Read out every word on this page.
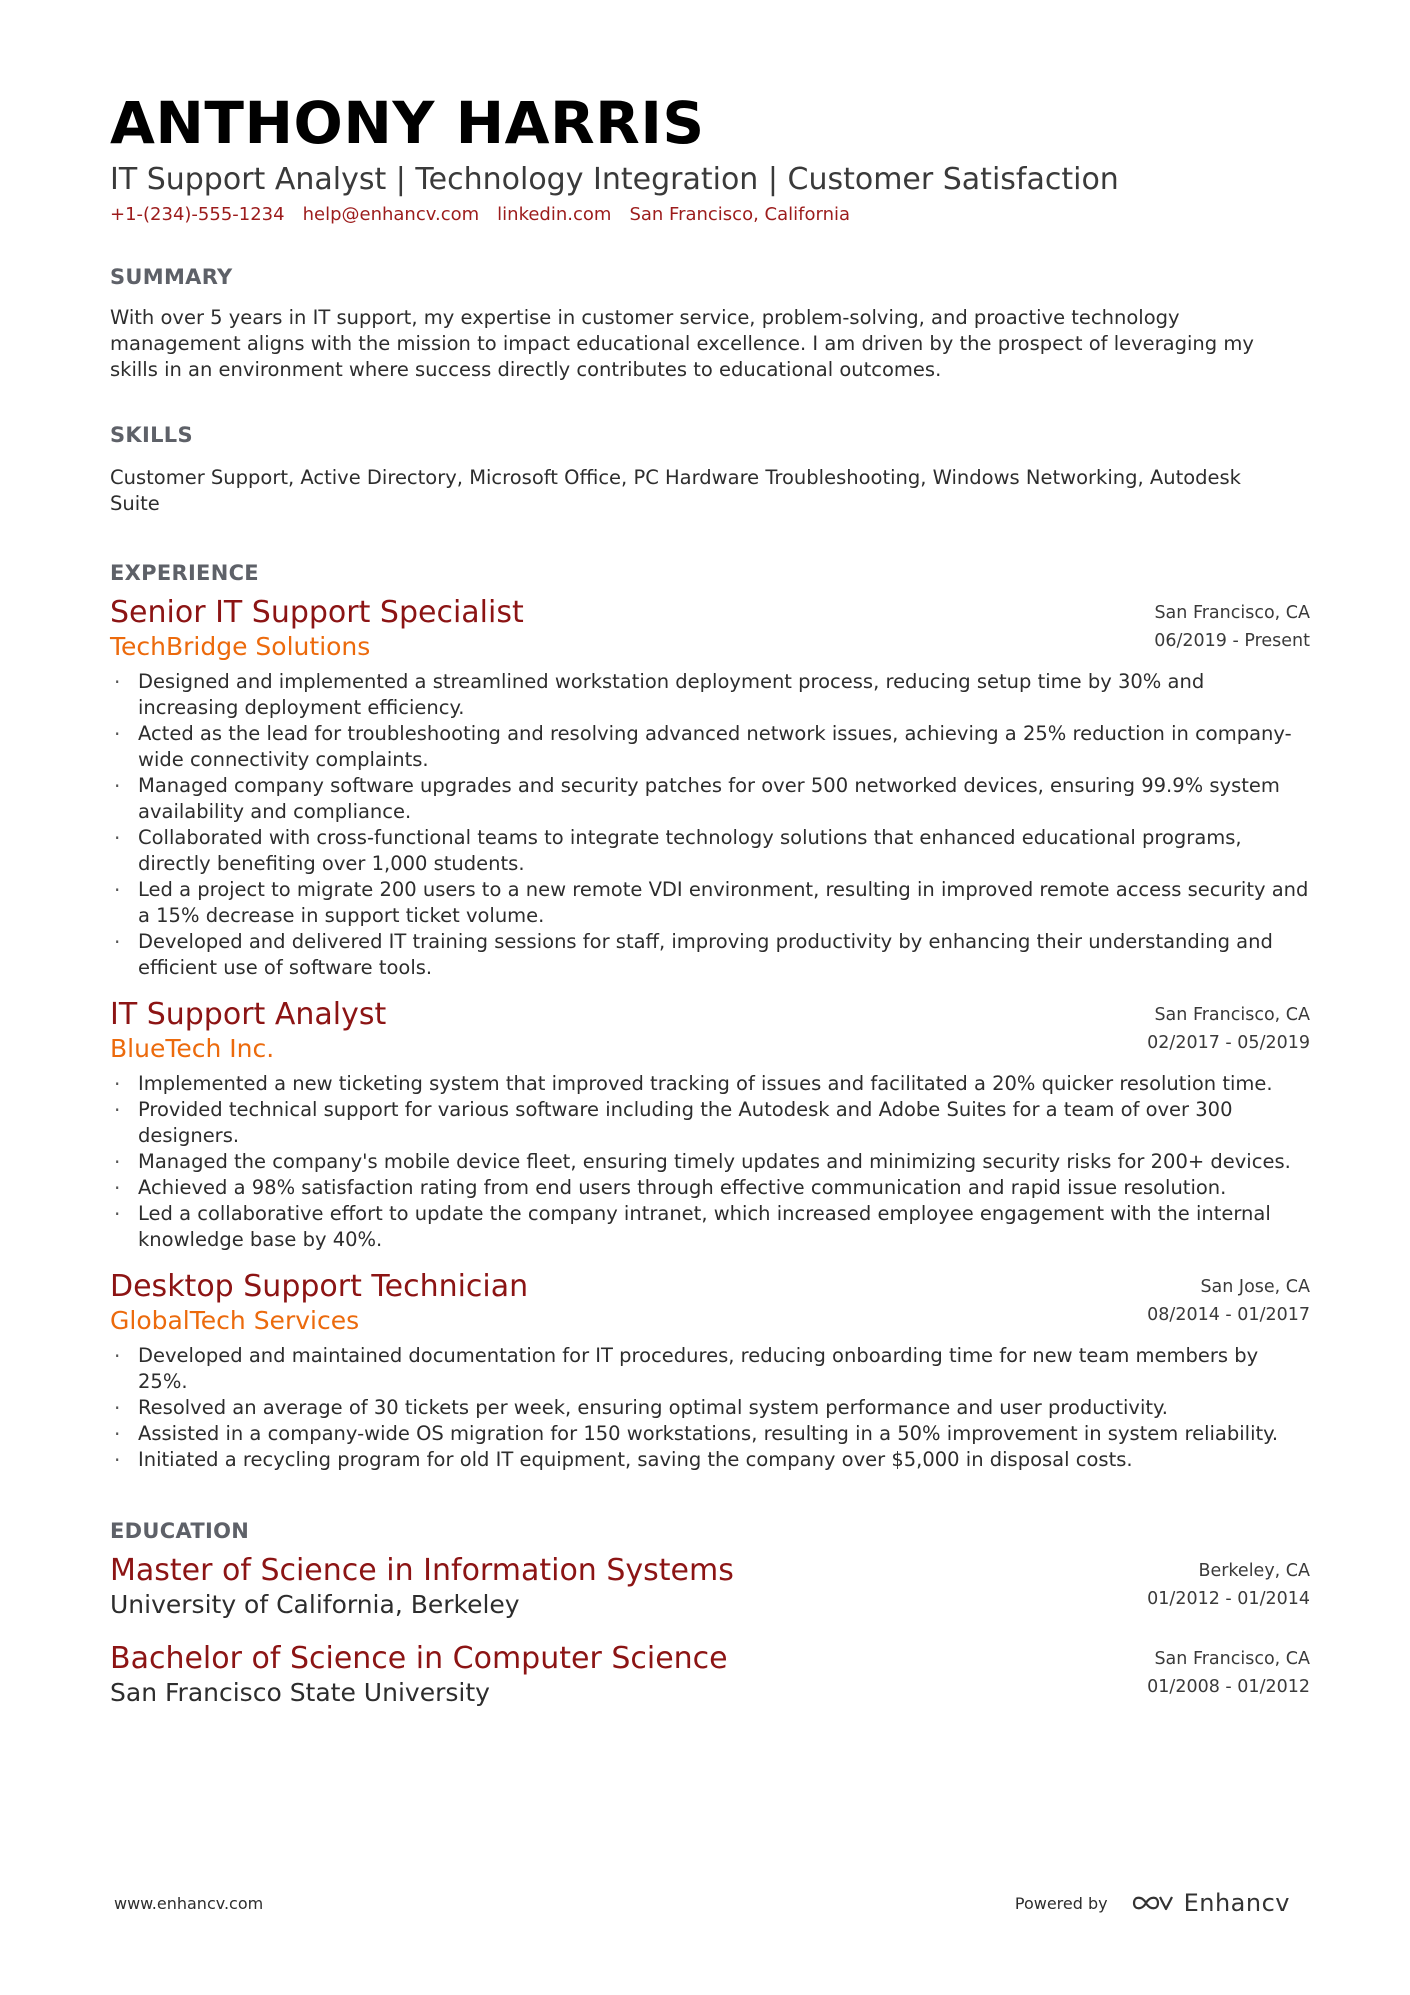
ANTHONY HARRIS
IT Support Analyst | Technology Integration | Customer Satisfaction
+1-(234)-555-1234 help@enhancv.com linkedin.com San Francisco, California
SUMMARY
With over 5 years in IT support, my expertise in customer service, problem-solving, and proactive technology management aligns with the mission to impact educational excellence. I am driven by the prospect of leveraging my skills in an environment where success directly contributes to educational outcomes.
SKILLS
Customer Support, Active Directory, Microsoft Office, PC Hardware Troubleshooting, Windows Networking, Autodesk Suite
EXPERIENCE
Senior IT Support Specialist
TechBridge Solutions
San Francisco, CA
06/2019 - Present
· Designed and implemented a streamlined workstation deployment process, reducing setup time by 30% and increasing deployment efficiency.
· Acted as the lead for troubleshooting and resolving advanced network issues, achieving a 25% reduction in company-wide connectivity complaints.
· Managed company software upgrades and security patches for over 500 networked devices, ensuring 99.9% system availability and compliance.
· Collaborated with cross-functional teams to integrate technology solutions that enhanced educational programs, directly benefiting over 1,000 students.
· Led a project to migrate 200 users to a new remote VDI environment, resulting in improved remote access security and a 15% decrease in support ticket volume.
· Developed and delivered IT training sessions for staff, improving productivity by enhancing their understanding and efficient use of software tools.
IT Support Analyst
BlueTech Inc.
San Francisco, CA
02/2017 - 05/2019
· Implemented a new ticketing system that improved tracking of issues and facilitated a 20% quicker resolution time.
· Provided technical support for various software including the Autodesk and Adobe Suites for a team of over 300 designers.
· Managed the company's mobile device fleet, ensuring timely updates and minimizing security risks for 200+ devices.
· Achieved a 98% satisfaction rating from end users through effective communication and rapid issue resolution.
· Led a collaborative effort to update the company intranet, which increased employee engagement with the internal knowledge base by 40%.
Desktop Support Technician
GlobalTech Services
San Jose, CA
08/2014 - 01/2017
· Developed and maintained documentation for IT procedures, reducing onboarding time for new team members by 25%.
· Resolved an average of 30 tickets per week, ensuring optimal system performance and user productivity.
· Assisted in a company-wide OS migration for 150 workstations, resulting in a 50% improvement in system reliability.
· Initiated a recycling program for old IT equipment, saving the company over $5,000 in disposal costs.
EDUCATION
Master of Science in Information Systems
University of California, Berkeley
Berkeley, CA
01/2012 - 01/2014
Bachelor of Science in Computer Science
San Francisco State University
San Francisco, CA
01/2008 - 01/2012
www.enhancv.com	Powered by	Enhancv
